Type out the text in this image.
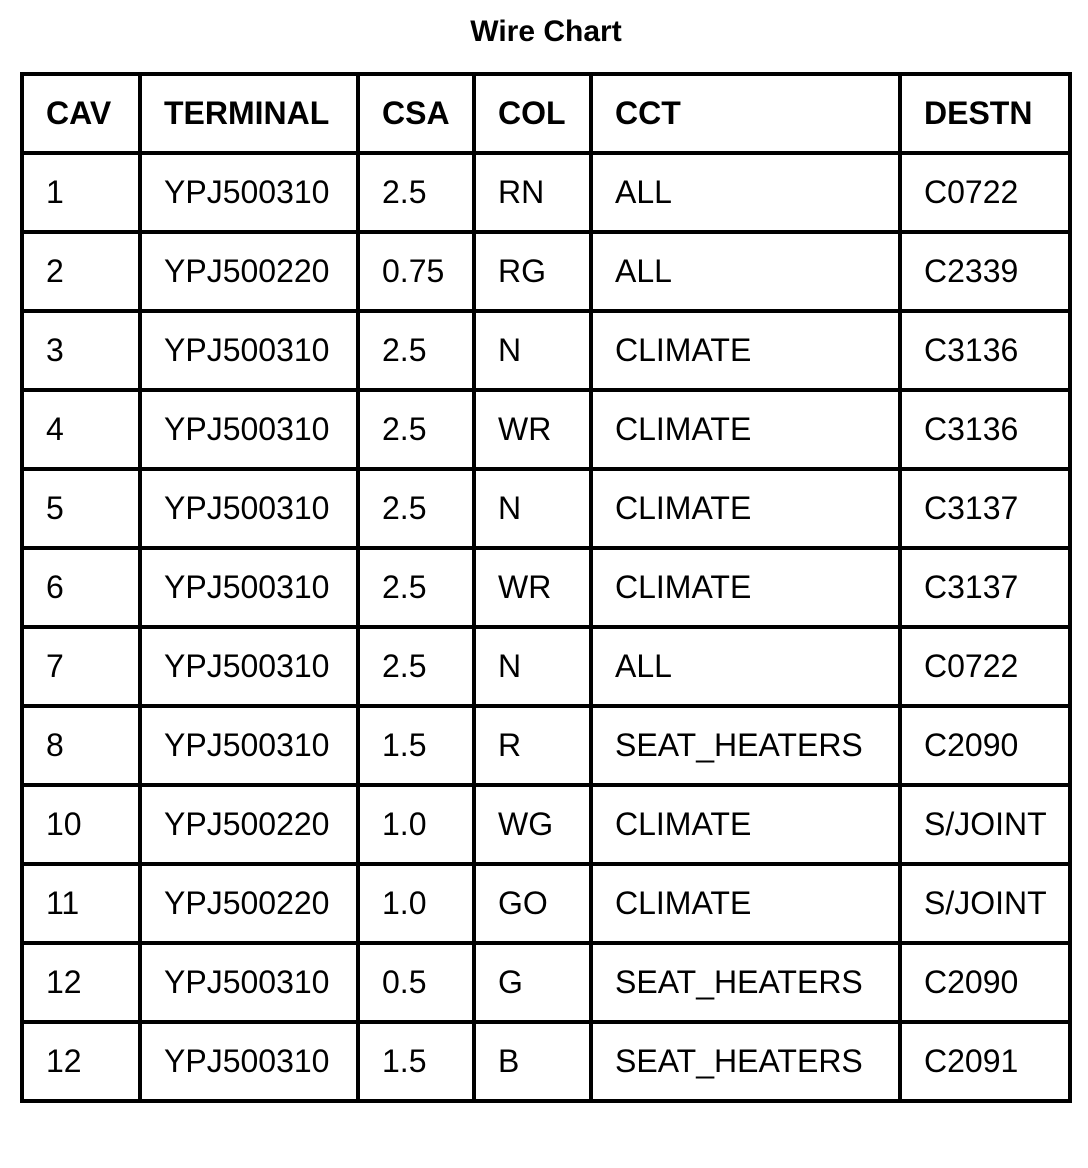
Wire Chart
CAV	TERMINAL	CSA	COL	CCT	DESTN
1	YPJ500310	2.5	RN	ALL	C0722
2	YPJ500220	0.75	RG	ALL	C2339
3	YPJ500310	2.5	N	CLIMATE	C3136
4	YPJ500310	2.5	WR	CLIMATE	C3136
5	YPJ500310	2.5	N	CLIMATE	C3137
6	YPJ500310	2.5	WR	CLIMATE	C3137
7	YPJ500310	2.5	N	ALL	C0722
8	YPJ500310	1.5	R	SEAT_HEATERS	C2090
10	YPJ500220	1.0	WG	CLIMATE	S/JOINT
11	YPJ500220	1.0	GO	CLIMATE	S/JOINT
12	YPJ500310	0.5	G	SEAT_HEATERS	C2090
12	YPJ500310	1.5	B	SEAT_HEATERS	C2091
